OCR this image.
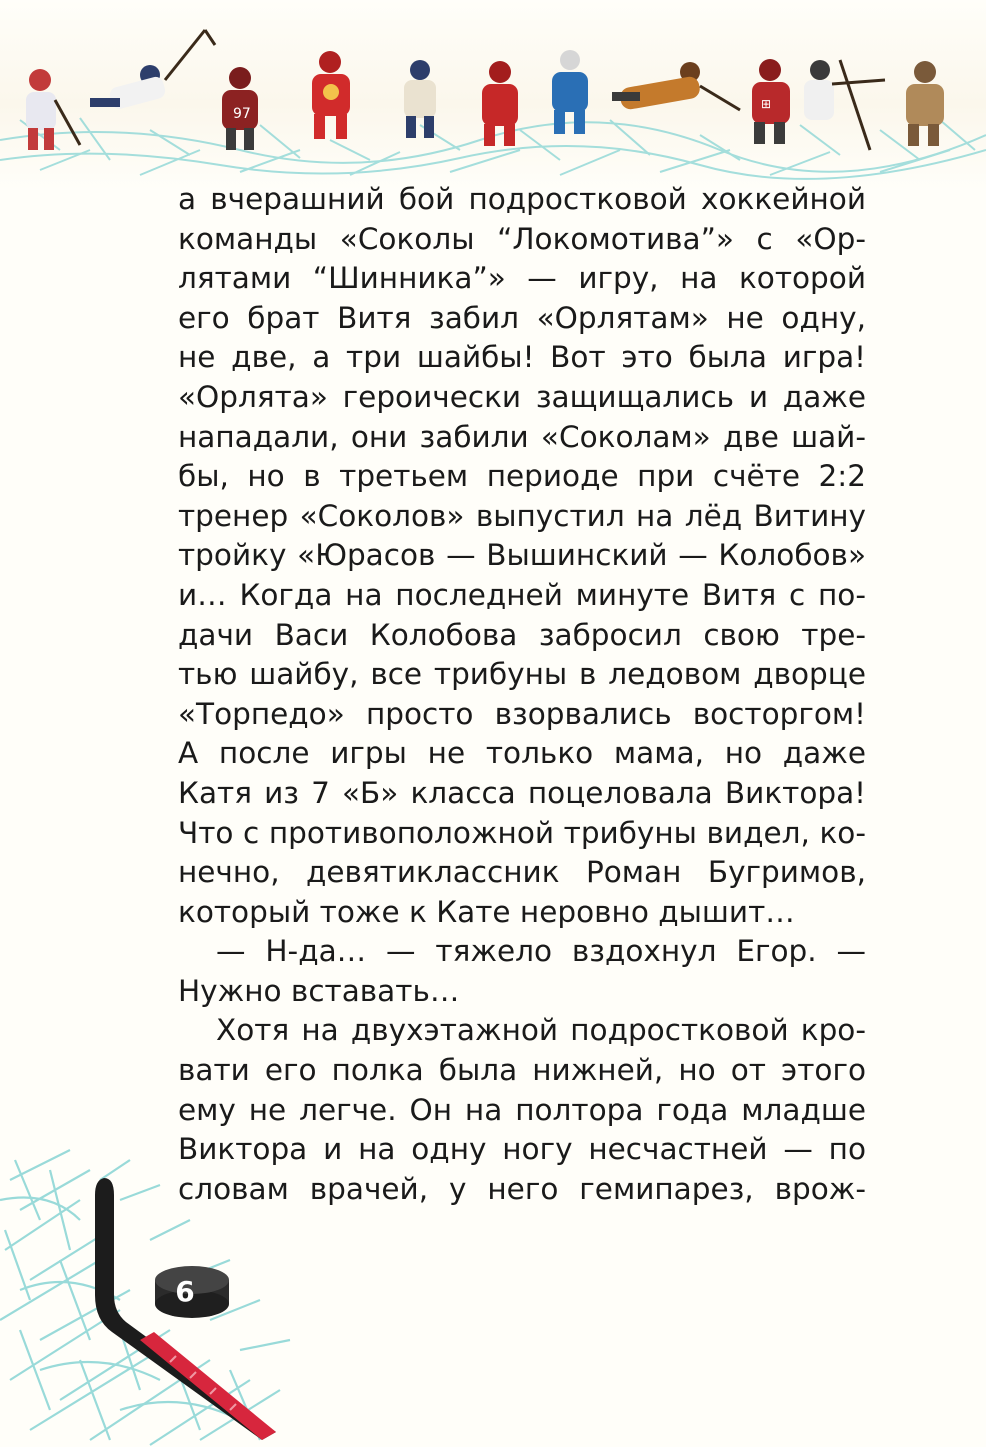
97
⊞
6

а вчерашний бой подростковой хоккейной
команды «Соколы “Локомотива”» с «Ор-
лятами “Шинника”» — игру, на которой
его брат Витя забил «Орлятам» не одну,
не две, а три шайбы! Вот это была игра!
«Орлята» героически защищались и даже
нападали, они забили «Соколам» две шай-
бы, но в третьем периоде при счёте 2:2
тренер «Соколов» выпустил на лёд Витину
тройку «Юрасов — Вышинский — Колобов»
и… Когда на последней минуте Витя с по-
дачи Васи Колобова забросил свою тре-
тью шайбу, все трибуны в ледовом дворце
«Торпедо» просто взорвались восторгом!
А после игры не только мама, но даже
Катя из 7 «Б» класса поцеловала Виктора!
Что с противоположной трибуны видел, ко-
нечно, девятиклассник Роман Бугримов,
который тоже к Кате неровно дышит…

— Н-да… — тяжело вздохнул Егор. —
Нужно вставать…

Хотя на двухэтажной подростковой кро-
вати его полка была нижней, но от этого
ему не легче. Он на полтора года младше
Виктора и на одну ногу несчастней — по
словам врачей, у него гемипарез, врож-
